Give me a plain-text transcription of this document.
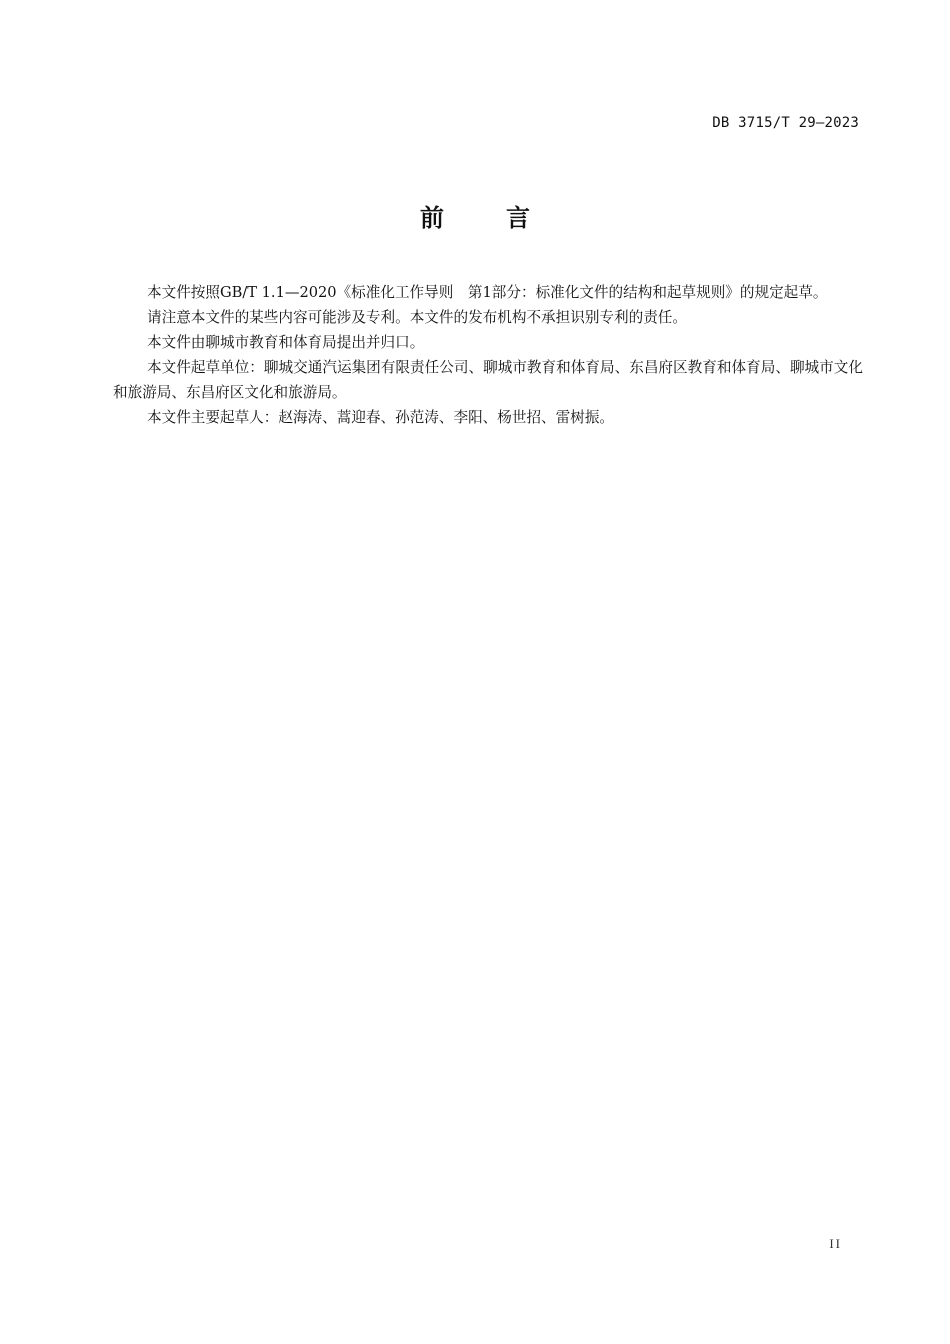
DB 3715/T 29—2023
前言

本文件按照GB/T 1.1—2020《标准化工作导则　第1部分：标准化文件的结构和起草规则》的规定起草。

请注意本文件的某些内容可能涉及专利。本文件的发布机构不承担识别专利的责任。

本文件由聊城市教育和体育局提出并归口。

本文件起草单位：聊城交通汽运集团有限责任公司、聊城市教育和体育局、东昌府区教育和体育局、聊城市文化和旅游局、东昌府区文化和旅游局。

本文件主要起草人：赵海涛、蒿迎春、孙范涛、李阳、杨世招、雷树振。

II
